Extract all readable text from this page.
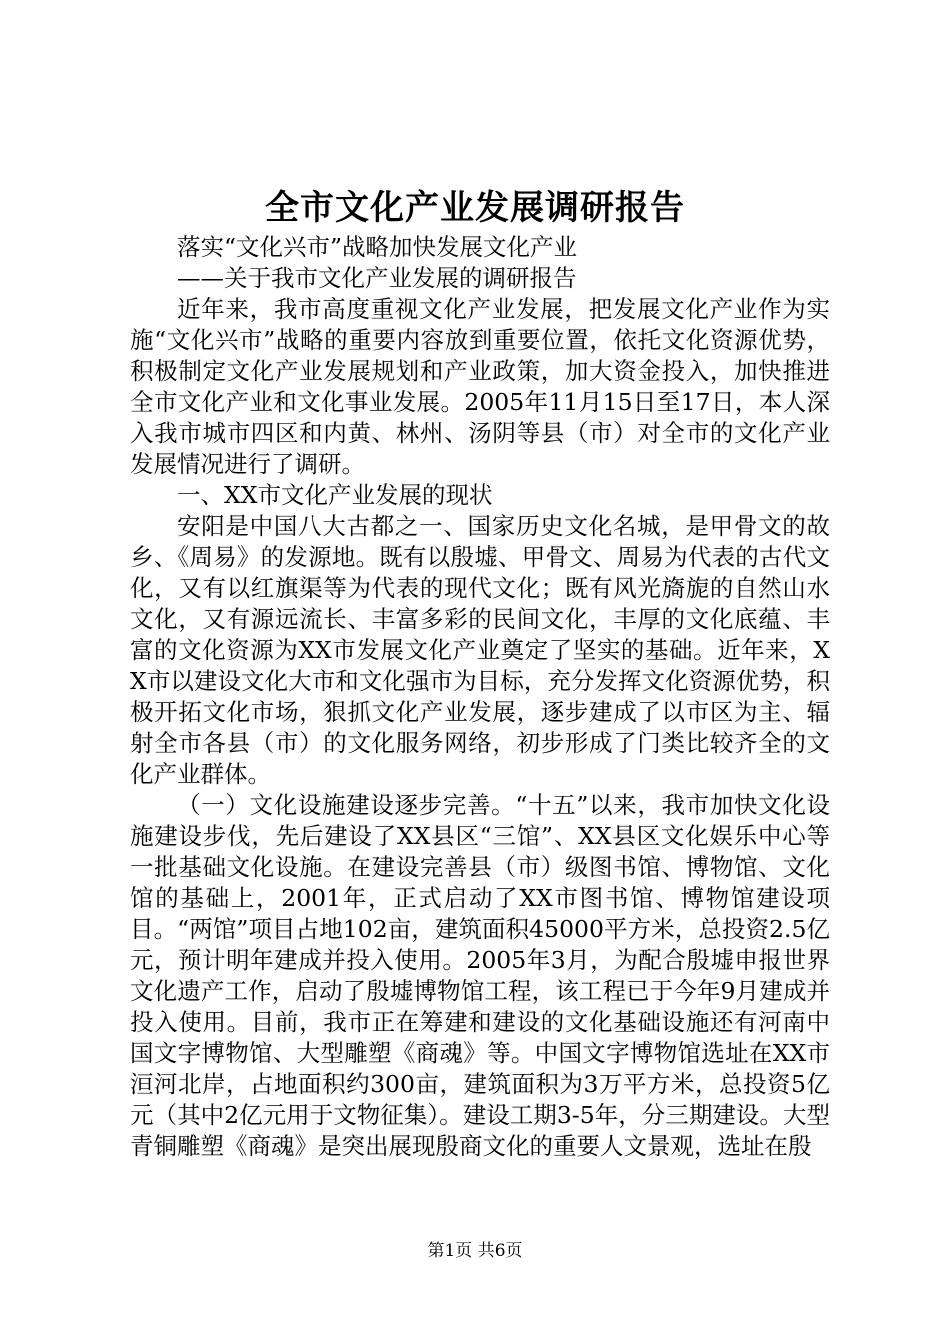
全市文化产业发展调研报告

落实“文化兴市”战略加快发展文化产业

——关于我市文化产业发展的调研报告

近年来，我市高度重视文化产业发展，把发展文化产业作为实施“文化兴市”战略的重要内容放到重要位置，依托文化资源优势，积极制定文化产业发展规划和产业政策，加大资金投入，加快推进全市文化产业和文化事业发展。2005年11月15日至17日，本人深入我市城市四区和内黄、林州、汤阴等县（市）对全市的文化产业发展情况进行了调研。

一、XX市文化产业发展的现状

安阳是中国八大古都之一、国家历史文化名城，是甲骨文的故乡、《周易》的发源地。既有以殷墟、甲骨文、周易为代表的古代文化，又有以红旗渠等为代表的现代文化；既有风光旖旎的自然山水文化，又有源远流长、丰富多彩的民间文化，丰厚的文化底蕴、丰富的文化资源为XX市发展文化产业奠定了坚实的基础。近年来，XX市以建设文化大市和文化强市为目标，充分发挥文化资源优势，积极开拓文化市场，狠抓文化产业发展，逐步建成了以市区为主、辐射全市各县（市）的文化服务网络，初步形成了门类比较齐全的文化产业群体。

（一）文化设施建设逐步完善。“十五”以来，我市加快文化设施建设步伐，先后建设了XX县区“三馆”、XX县区文化娱乐中心等一批基础文化设施。在建设完善县（市）级图书馆、博物馆、文化馆的基础上，2001年，正式启动了XX市图书馆、博物馆建设项目。“两馆”项目占地102亩，建筑面积45000平方米，总投资2.5亿元，预计明年建成并投入使用。2005年3月，为配合殷墟申报世界文化遗产工作，启动了殷墟博物馆工程，该工程已于今年9月建成并投入使用。目前，我市正在筹建和建设的文化基础设施还有河南中国文字博物馆、大型雕塑《商魂》等。中国文字博物馆选址在XX市洹河北岸，占地面积约300亩，建筑面积为3万平方米，总投资5亿元（其中2亿元用于文物征集）。建设工期3-5年，分三期建设。大型青铜雕塑《商魂》是突出展现殷商文化的重要人文景观，选址在殷

第1页 共6页
